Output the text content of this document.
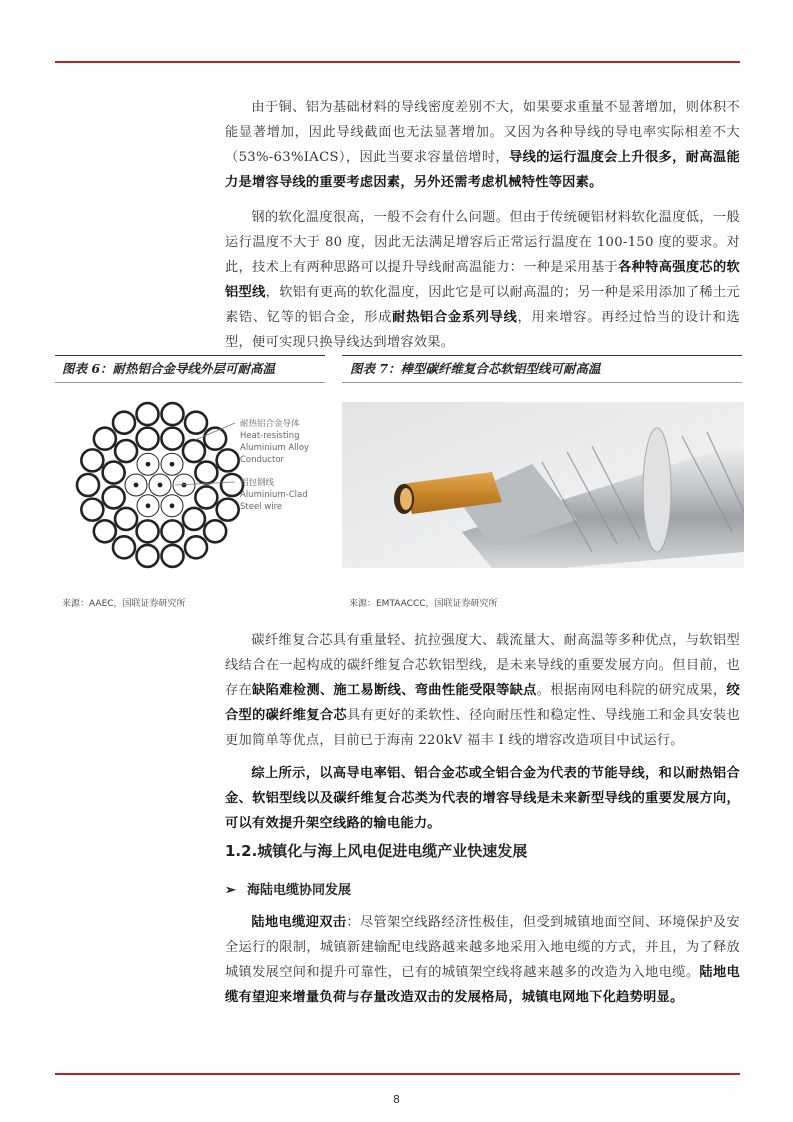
由于铜、铝为基础材料的导线密度差别不大，如果要求重量不显著增加，则体积不能显著增加，因此导线截面也无法显著增加。又因为各种导线的导电率实际相差不大（53%-63%IACS），因此当要求容量倍增时，导线的运行温度会上升很多，耐高温能力是增容导线的重要考虑因素，另外还需考虑机械特性等因素。

钢的软化温度很高，一般不会有什么问题。但由于传统硬铝材料软化温度低，一般运行温度不大于 80 度，因此无法满足增容后正常运行温度在 100-150 度的要求。对此，技术上有两种思路可以提升导线耐高温能力：一种是采用基于各种特高强度芯的软铝型线，软铝有更高的软化温度，因此它是可以耐高温的；另一种是采用添加了稀土元素锆、钇等的铝合金，形成耐热铝合金系列导线，用来增容。再经过恰当的设计和选型，便可实现只换导线达到增容效果。

图表 6：耐热铝合金导线外层可耐高温
耐热铝合金导体
Heat-resisting
Aluminium Alloy
Conductor
铝包钢线
Aluminium-Clad
Steel wire
来源：AAEC，国联证券研究所
图表 7：棒型碳纤维复合芯软铝型线可耐高温
来源：EMTAACCC，国联证券研究所

碳纤维复合芯具有重量轻、抗拉强度大、载流量大、耐高温等多种优点，与软铝型线结合在一起构成的碳纤维复合芯软铝型线，是未来导线的重要发展方向。但目前，也存在缺陷难检测、施工易断线、弯曲性能受限等缺点。根据南网电科院的研究成果，绞合型的碳纤维复合芯具有更好的柔软性、径向耐压性和稳定性、导线施工和金具安装也更加简单等优点，目前已于海南 220kV 福丰 I 线的增容改造项目中试运行。

综上所示，以高导电率铝、铝合金芯或全铝合金为代表的节能导线，和以耐热铝合金、软铝型线以及碳纤维复合芯类为代表的增容导线是未来新型导线的重要发展方向，可以有效提升架空线路的输电能力。

1.2.城镇化与海上风电促进电缆产业快速发展
➢ 海陆电缆协同发展

陆地电缆迎双击：尽管架空线路经济性极佳，但受到城镇地面空间、环境保护及安全运行的限制，城镇新建输配电线路越来越多地采用入地电缆的方式，并且，为了释放城镇发展空间和提升可靠性，已有的城镇架空线将越来越多的改造为入地电缆。陆地电缆有望迎来增量负荷与存量改造双击的发展格局，城镇电网地下化趋势明显。

8
